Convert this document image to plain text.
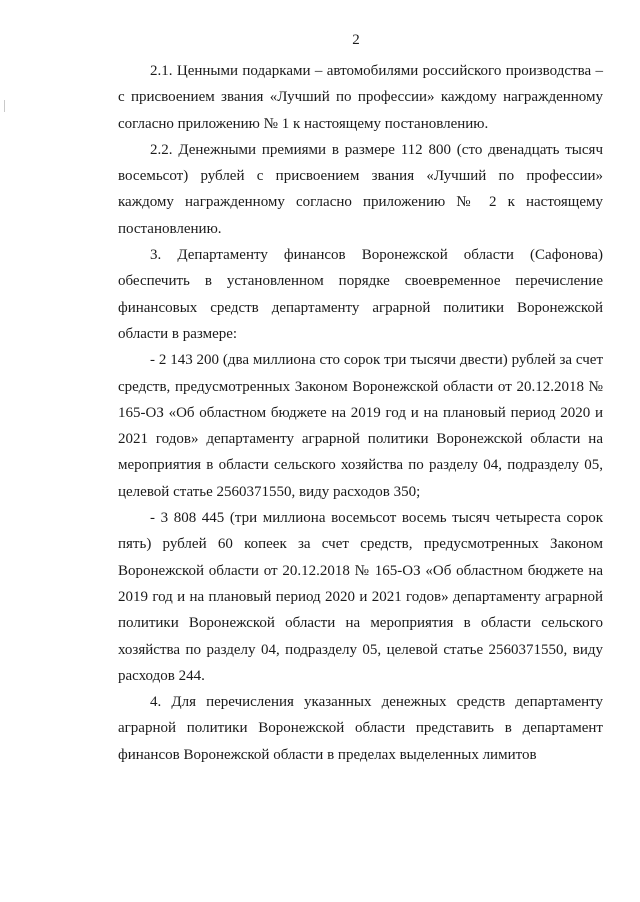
2

2.1. Ценными подарками – автомобилями российского производства – с присвоением звания «Лучший по профессии» каждому награжденному согласно приложению № 1 к настоящему постановлению.

2.2. Денежными премиями в размере 112 800 (сто двенадцать тысяч восемьсот) рублей с присвоением звания «Лучший по профессии» каждому награжденному согласно приложению № 2 к настоящему постановлению.

3. Департаменту финансов Воронежской области (Сафонова) обеспечить в установленном порядке своевременное перечисление финансовых средств департаменту аграрной политики Воронежской области в размере:

- 2 143 200 (два миллиона сто сорок три тысячи двести) рублей за счет средств, предусмотренных Законом Воронежской области от 20.12.2018 № 165-ОЗ «Об областном бюджете на 2019 год и на плановый период 2020 и 2021 годов» департаменту аграрной политики Воронежской области на мероприятия в области сельского хозяйства по разделу 04, подразделу 05, целевой статье 2560371550, виду расходов 350;

- 3 808 445 (три миллиона восемьсот восемь тысяч четыреста сорок пять) рублей 60 копеек за счет средств, предусмотренных Законом Воронежской области от 20.12.2018 № 165-ОЗ «Об областном бюджете на 2019 год и на плановый период 2020 и 2021 годов» департаменту аграрной политики Воронежской области на мероприятия в области сельского хозяйства по разделу 04, подразделу 05, целевой статье 2560371550, виду расходов 244.

4. Для перечисления указанных денежных средств департаменту аграрной политики Воронежской области представить в департамент финансов Воронежской области в пределах выделенных лимитов
